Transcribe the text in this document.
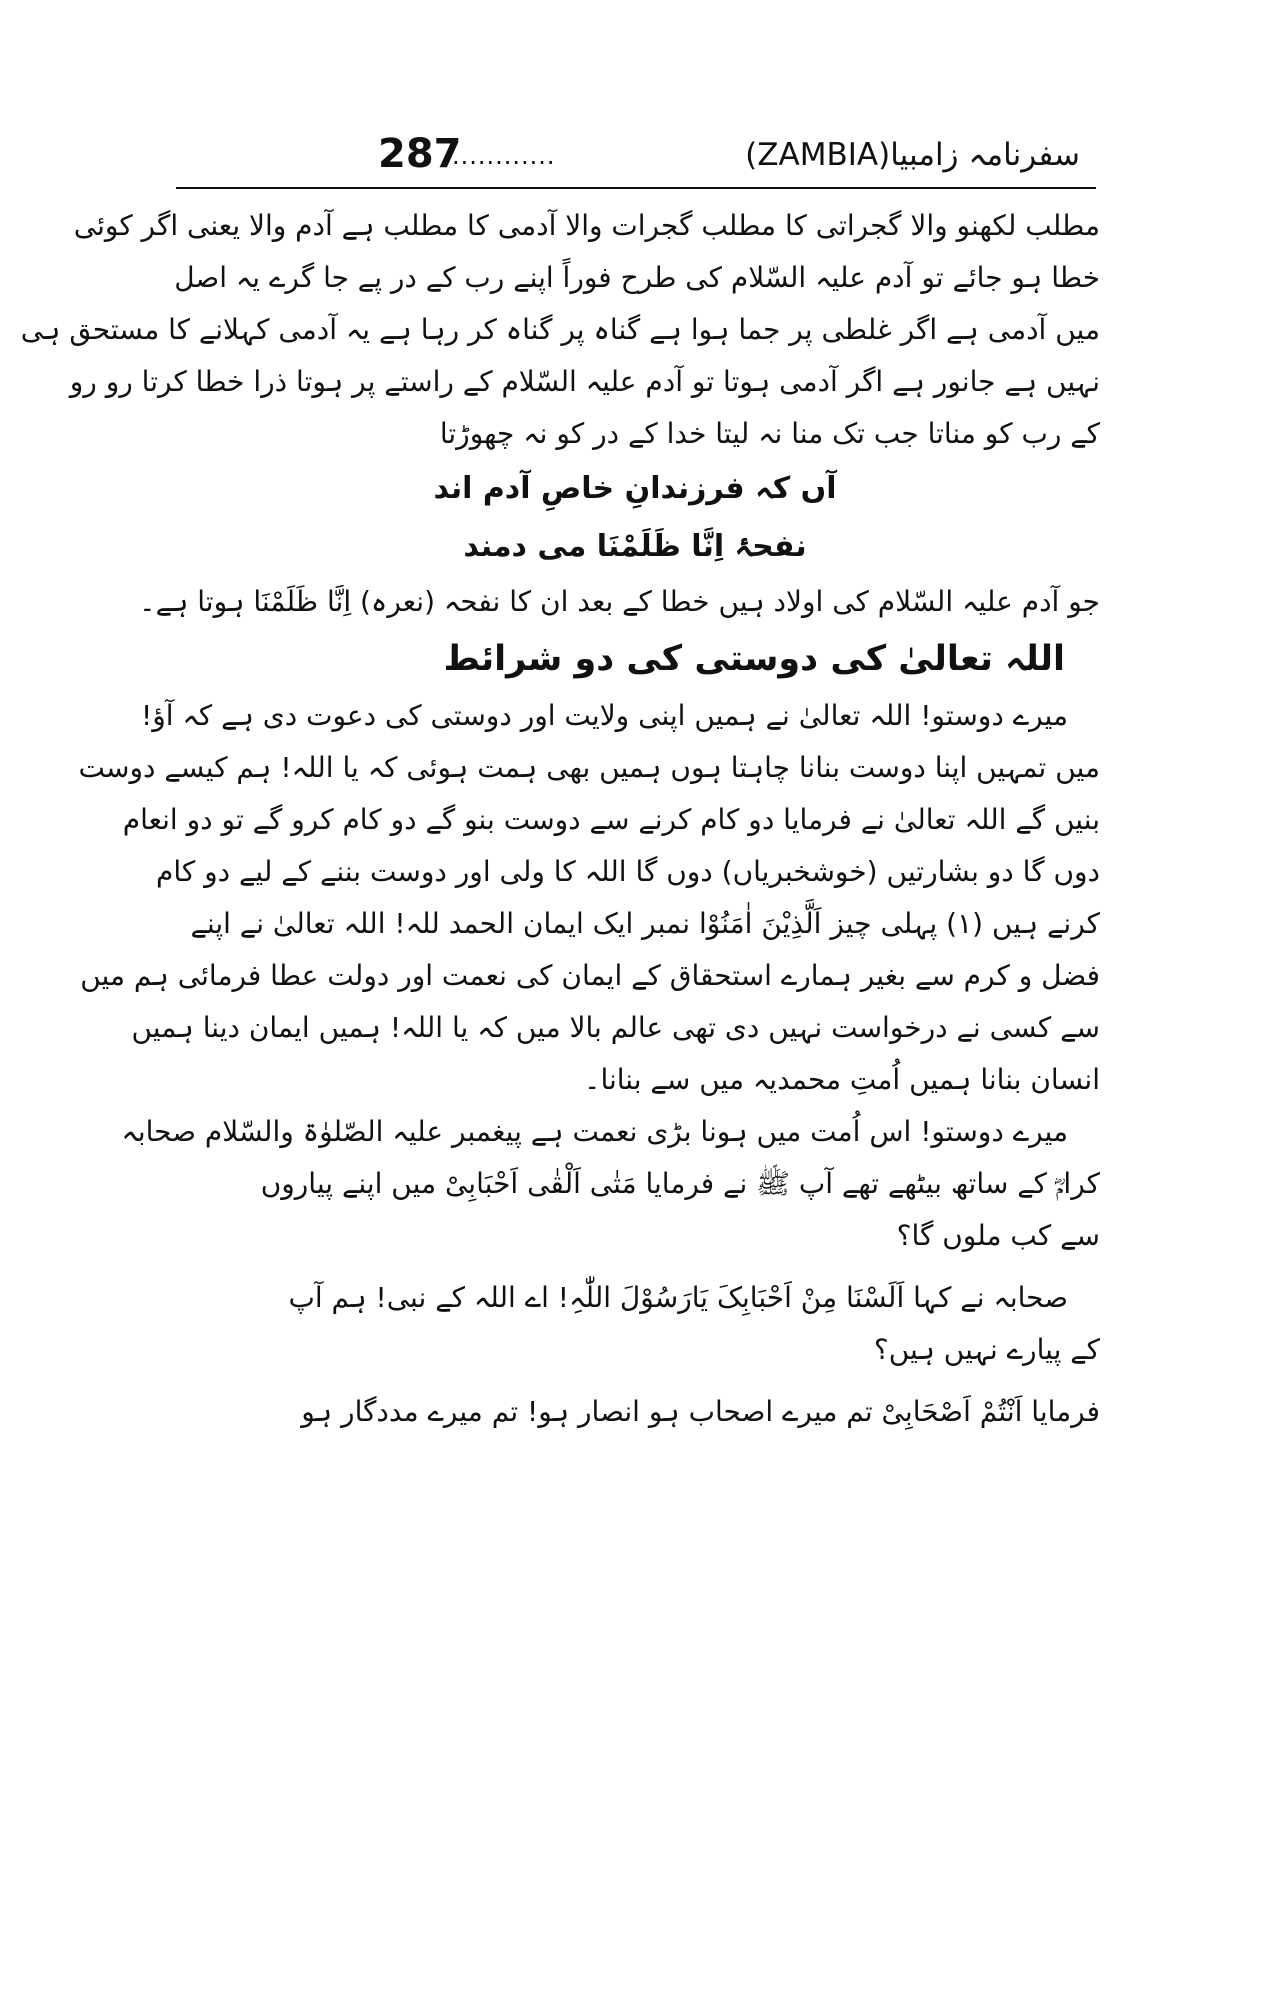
287
............	سفرنامہ زامبیا(ZAMBIA)
مطلب لکھنو والا گجراتی کا مطلب گجرات والا آدمی کا مطلب ہے آدم والا یعنی اگر کوئی
خطا ہو جائے تو آدم علیہ السّلام کی طرح فوراً اپنے رب کے در پے جا گرے یہ اصل
میں آدمی ہے اگر غلطی پر جما ہوا ہے گناہ پر گناہ کر رہا ہے یہ آدمی کہلانے کا مستحق ہی
نہیں ہے جانور ہے اگر آدمی ہوتا تو آدم علیہ السّلام کے راستے پر ہوتا ذرا خطا کرتا رو رو
کے رب کو مناتا جب تک منا نہ لیتا خدا کے در کو نہ چھوڑتا
آں کہ فرزندانِ خاصِ آدم اند
نفحۂ اِنَّا ظَلَمْنَا می دمند
جو آدم علیہ السّلام کی اولاد ہیں خطا کے بعد ان کا نفحہ (نعرہ) اِنَّا ظَلَمْنَا ہوتا ہے۔
اللہ تعالیٰ کی دوستی کی دو شرائط
میرے دوستو! اللہ تعالیٰ نے ہمیں اپنی ولایت اور دوستی کی دعوت دی ہے کہ آؤ!
میں تمہیں اپنا دوست بنانا چاہتا ہوں ہمیں بھی ہمت ہوئی کہ یا اللہ! ہم کیسے دوست
بنیں گے اللہ تعالیٰ نے فرمایا دو کام کرنے سے دوست بنو گے دو کام کرو گے تو دو انعام
دوں گا دو بشارتیں (خوشخبریاں) دوں گا اللہ کا ولی اور دوست بننے کے لیے دو کام
کرنے ہیں (۱) پہلی چیز اَلَّذِیْنَ اٰمَنُوْا نمبر ایک ایمان الحمد للہ! اللہ تعالیٰ نے اپنے
فضل و کرم سے بغیر ہمارے استحقاق کے ایمان کی نعمت اور دولت عطا فرمائی ہم میں
سے کسی نے درخواست نہیں دی تھی عالم بالا میں کہ یا اللہ! ہمیں ایمان دینا ہمیں
انسان بنانا ہمیں اُمتِ محمدیہ میں سے بنانا۔
میرے دوستو! اس اُمت میں ہونا بڑی نعمت ہے پیغمبر علیہ الصّلوٰۃ والسّلام صحابہ
کرامؓ کے ساتھ بیٹھے تھے آپ ﷺ نے فرمایا مَتٰی اَلْقٰی اَحْبَابِیْ میں اپنے پیاروں
سے کب ملوں گا؟
صحابہ نے کہا اَلَسْنَا مِنْ اَحْبَابِکَ یَارَسُوْلَ اللّٰہِ! اے اللہ کے نبی! ہم آپ
کے پیارے نہیں ہیں؟
فرمایا اَنْتُمْ اَصْحَابِیْ تم میرے اصحاب ہو انصار ہو! تم میرے مددگار ہو
